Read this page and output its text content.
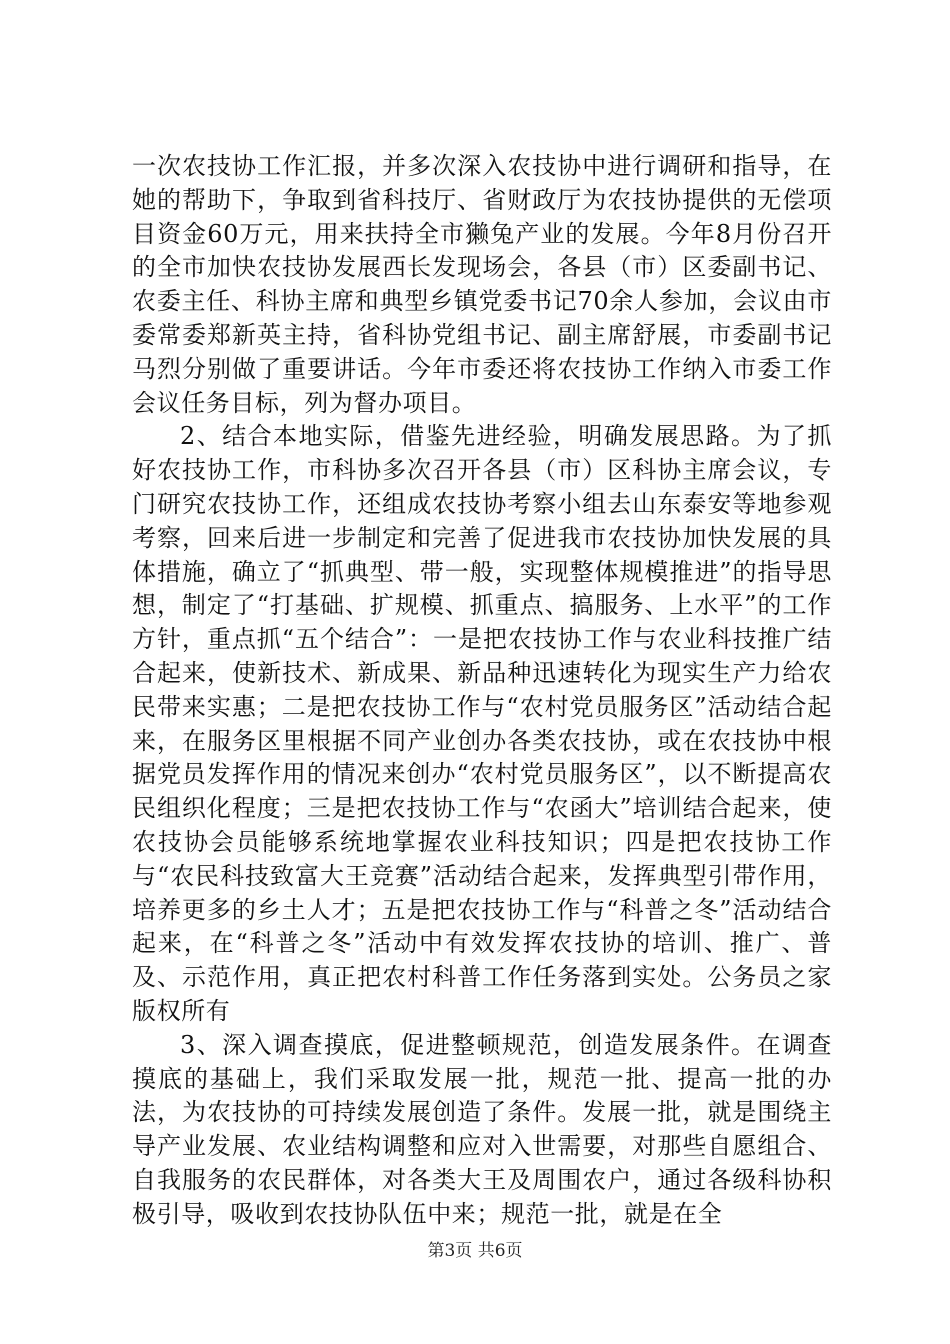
一次农技协工作汇报，并多次深入农技协中进行调研和指导，在她的帮助下，争取到省科技厅、省财政厅为农技协提供的无偿项目资金60万元，用来扶持全市獭兔产业的发展。今年8月份召开的全市加快农技协发展西长发现场会，各县（市）区委副书记、农委主任、科协主席和典型乡镇党委书记70余人参加，会议由市委常委郑新英主持，省科协党组书记、副主席舒展，市委副书记马烈分别做了重要讲话。今年市委还将农技协工作纳入市委工作会议任务目标，列为督办项目。

2、结合本地实际，借鉴先进经验，明确发展思路。为了抓好农技协工作，市科协多次召开各县（市）区科协主席会议，专门研究农技协工作，还组成农技协考察小组去山东泰安等地参观考察，回来后进一步制定和完善了促进我市农技协加快发展的具体措施，确立了“抓典型、带一般，实现整体规模推进”的指导思想，制定了“打基础、扩规模、抓重点、搞服务、上水平”的工作方针，重点抓“五个结合”：一是把农技协工作与农业科技推广结合起来，使新技术、新成果、新品种迅速转化为现实生产力给农民带来实惠；二是把农技协工作与“农村党员服务区”活动结合起来，在服务区里根据不同产业创办各类农技协，或在农技协中根据党员发挥作用的情况来创办“农村党员服务区”，以不断提高农民组织化程度；三是把农技协工作与“农函大”培训结合起来，使农技协会员能够系统地掌握农业科技知识；四是把农技协工作与“农民科技致富大王竞赛”活动结合起来，发挥典型引带作用，培养更多的乡土人才；五是把农技协工作与“科普之冬”活动结合起来，在“科普之冬”活动中有效发挥农技协的培训、推广、普及、示范作用，真正把农村科普工作任务落到实处。公务员之家版权所有

3、深入调查摸底，促进整顿规范，创造发展条件。在调查摸底的基础上，我们采取发展一批，规范一批、提高一批的办法，为农技协的可持续发展创造了条件。发展一批，就是围绕主导产业发展、农业结构调整和应对入世需要，对那些自愿组合、自我服务的农民群体，对各类大王及周围农户，通过各级科协积极引导，吸收到农技协队伍中来；规范一批，就是在全

第3页 共6页
